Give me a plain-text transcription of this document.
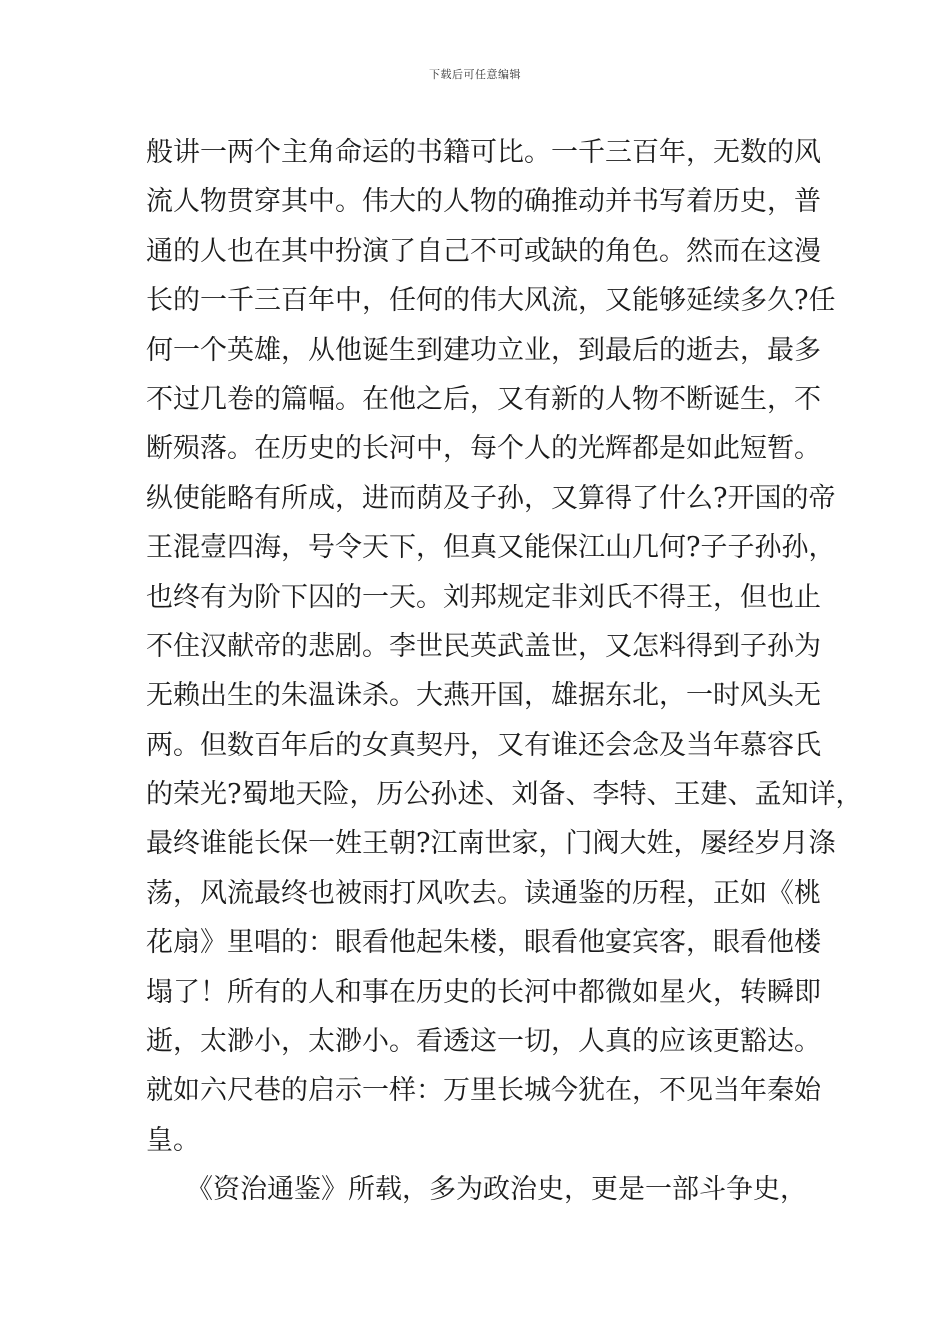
下载后可任意编辑
般讲一两个主角命运的书籍可比。一千三百年，无数的风
流人物贯穿其中。伟大的人物的确推动并书写着历史，普
通的人也在其中扮演了自己不可或缺的角色。然而在这漫
长的一千三百年中，任何的伟大风流，又能够延续多久?任
何一个英雄，从他诞生到建功立业，到最后的逝去，最多
不过几卷的篇幅。在他之后，又有新的人物不断诞生，不
断殒落。在历史的长河中，每个人的光辉都是如此短暂。
纵使能略有所成，进而荫及子孙，又算得了什么?开国的帝
王混壹四海，号令天下，但真又能保江山几何?子子孙孙，
也终有为阶下囚的一天。刘邦规定非刘氏不得王，但也止
不住汉献帝的悲剧。李世民英武盖世，又怎料得到子孙为
无赖出生的朱温诛杀。大燕开国，雄据东北，一时风头无
两。但数百年后的女真契丹，又有谁还会念及当年慕容氏
的荣光?蜀地天险，历公孙述、刘备、李特、王建、孟知详，
最终谁能长保一姓王朝?江南世家，门阀大姓，屡经岁月涤
荡，风流最终也被雨打风吹去。读通鉴的历程，正如《桃
花扇》里唱的：眼看他起朱楼，眼看他宴宾客，眼看他楼
塌了！所有的人和事在历史的长河中都微如星火，转瞬即
逝，太渺小，太渺小。看透这一切，人真的应该更豁达。
就如六尺巷的启示一样：万里长城今犹在，不见当年秦始
皇。
《资治通鉴》所载，多为政治史，更是一部斗争史，
